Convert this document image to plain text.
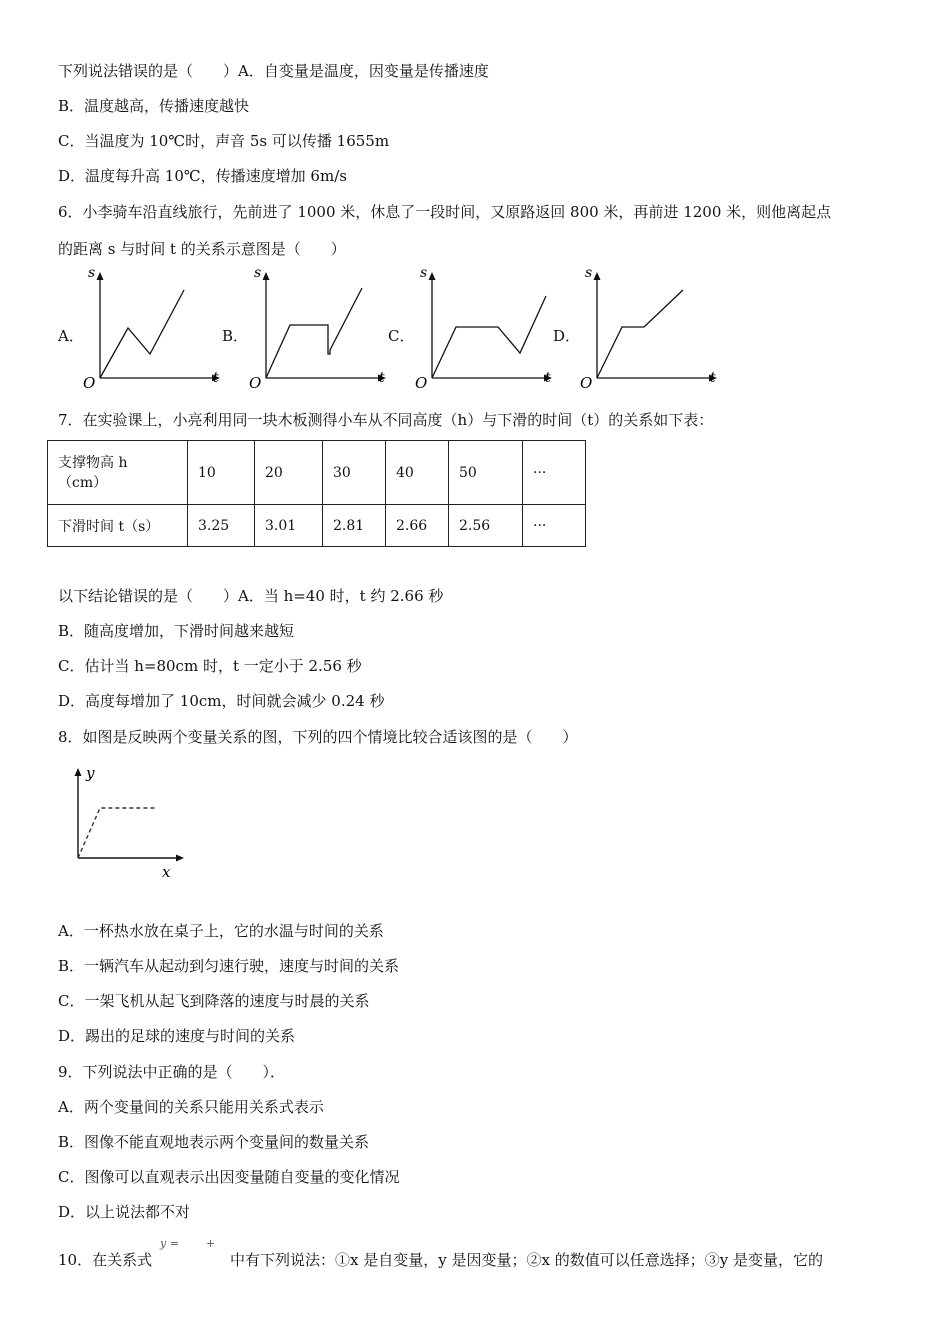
下列说法错误的是（　　）A．自变量是温度，因变量是传播速度
B．温度越高，传播速度越快
C．当温度为 10℃时，声音 5s 可以传播 1655m
D．温度每升高 10℃，传播速度增加 6m/s
6．小李骑车沿直线旅行，先前进了 1000 米，休息了一段时间，又原路返回 800 米，再前进 1200 米，则他离起点
的距离 s 与时间 t 的关系示意图是（　　）
A．	B．	C．	D．
s
t
O
s
t
O
s
t
O
s
t
O
7．在实验课上，小亮利用同一块木板测得小车从不同高度（h）与下滑的时间（t）的关系如下表：
支撑物高 h
（cm）	10	20	30	40	50	···
下滑时间 t（s）	3.25	3.01	2.81	2.66	2.56	···
以下结论错误的是（　　）A．当 h=40 时，t 约 2.66 秒
B．随高度增加，下滑时间越来越短
C．估计当 h=80cm 时，t 一定小于 2.56 秒
D．高度每增加了 10cm，时间就会减少 0.24 秒
8．如图是反映两个变量关系的图，下列的四个情境比较合适该图的是（　　）
y
x
A．一杯热水放在桌子上，它的水温与时间的关系
B．一辆汽车从起动到匀速行驶，速度与时间的关系
C．一架飞机从起飞到降落的速度与时晨的关系
D．踢出的足球的速度与时间的关系
9．下列说法中正确的是（　　）．
A．两个变量间的关系只能用关系式表示
B．图像不能直观地表示两个变量间的数量关系
C．图像可以直观表示出因变量随自变量的变化情况
D．以上说法都不对
10．在关系式
y = +
中有下列说法：①x 是自变量，y 是因变量；②x 的数值可以任意选择；③y 是变量，它的
